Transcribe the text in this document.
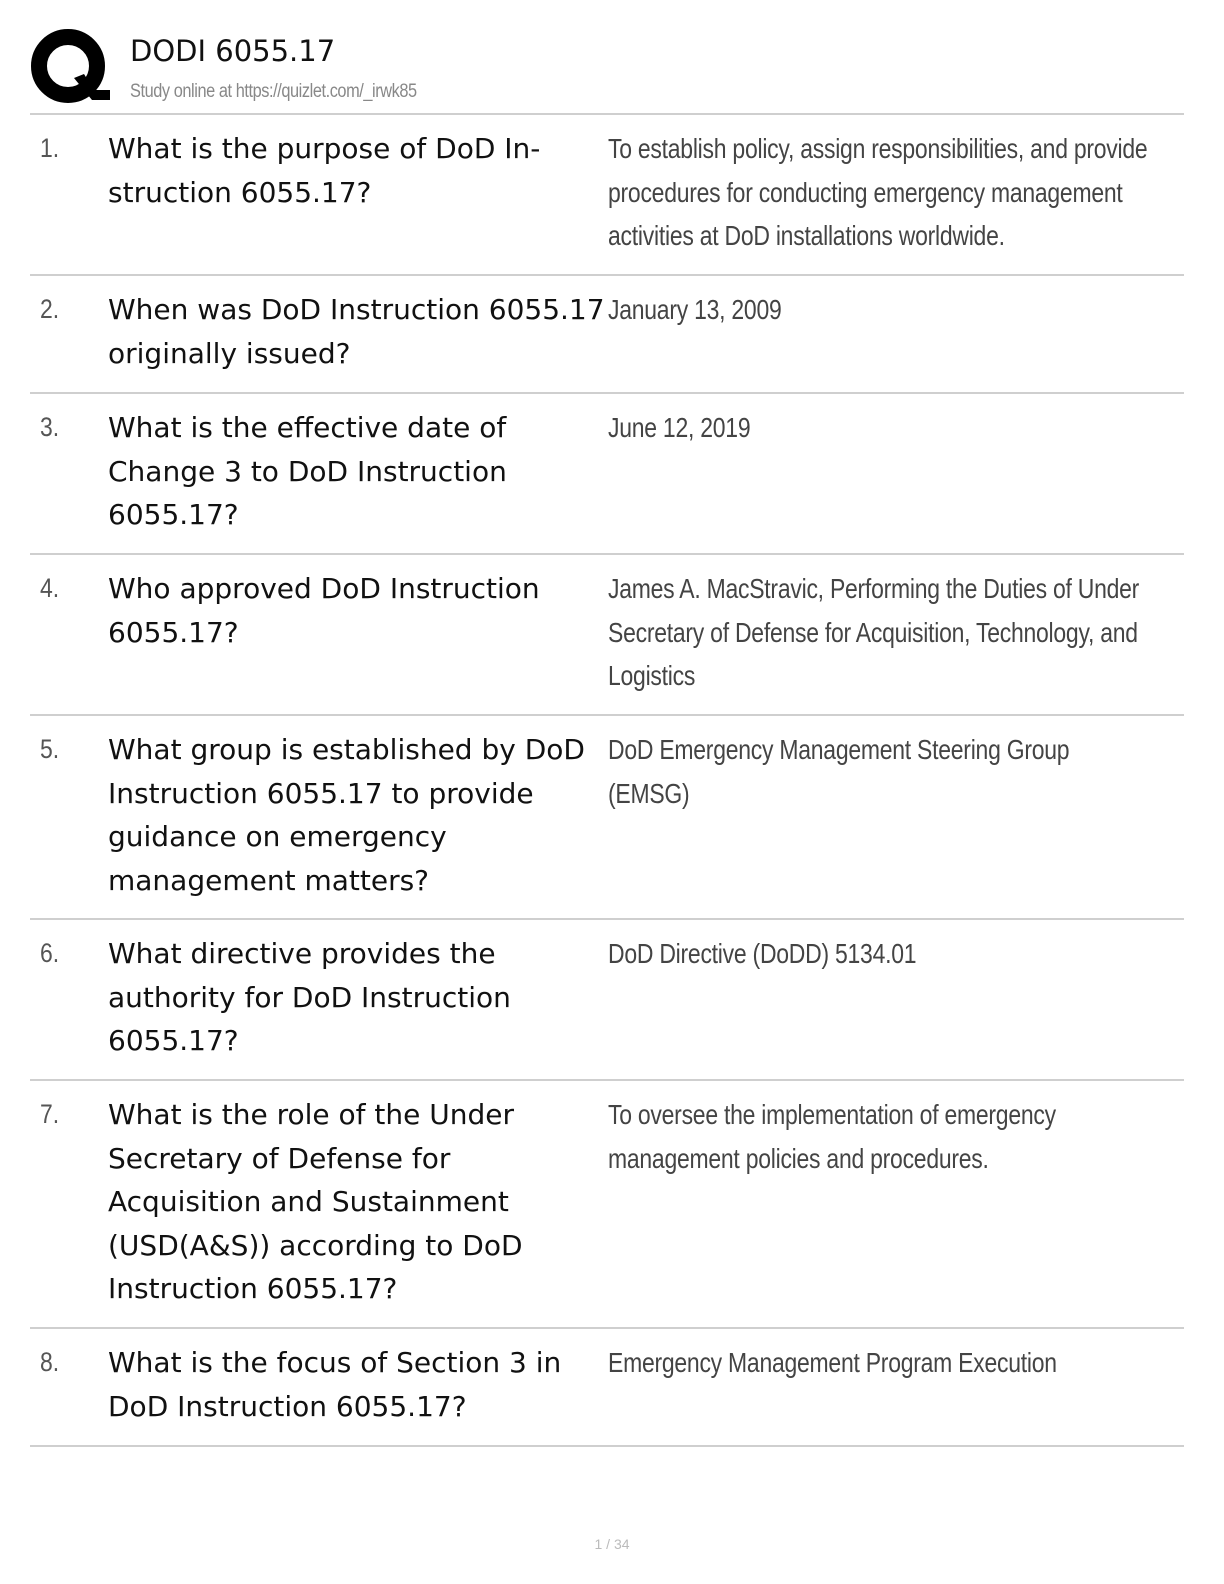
DODI 6055.17
Study online at https://quizlet.com/_irwk85
1. What is the purpose of DoD In-struction 6055.17?
To establish policy, assign responsibilities, and provide procedures for conducting emergency management activities at DoD installations worldwide.
2. When was DoD Instruction 6055.17 originally issued?
January 13, 2009
3. What is the effective date of Change 3 to DoD Instruction 6055.17?
June 12, 2019
4. Who approved DoD Instruction 6055.17?
James A. MacStravic, Performing the Duties of Under Secretary of Defense for Acquisition, Technology, and Logistics
5. What group is established by DoD Instruction 6055.17 to provide guidance on emergency management matters?
DoD Emergency Management Steering Group (EMSG)
6. What directive provides the authority for DoD Instruction 6055.17?
DoD Directive (DoDD) 5134.01
7. What is the role of the Under Secretary of Defense for Acquisition and Sustainment (USD(A&S)) according to DoD Instruction 6055.17?
To oversee the implementation of emergency management policies and procedures.
8. What is the focus of Section 3 in DoD Instruction 6055.17?
Emergency Management Program Execution
1 / 34
